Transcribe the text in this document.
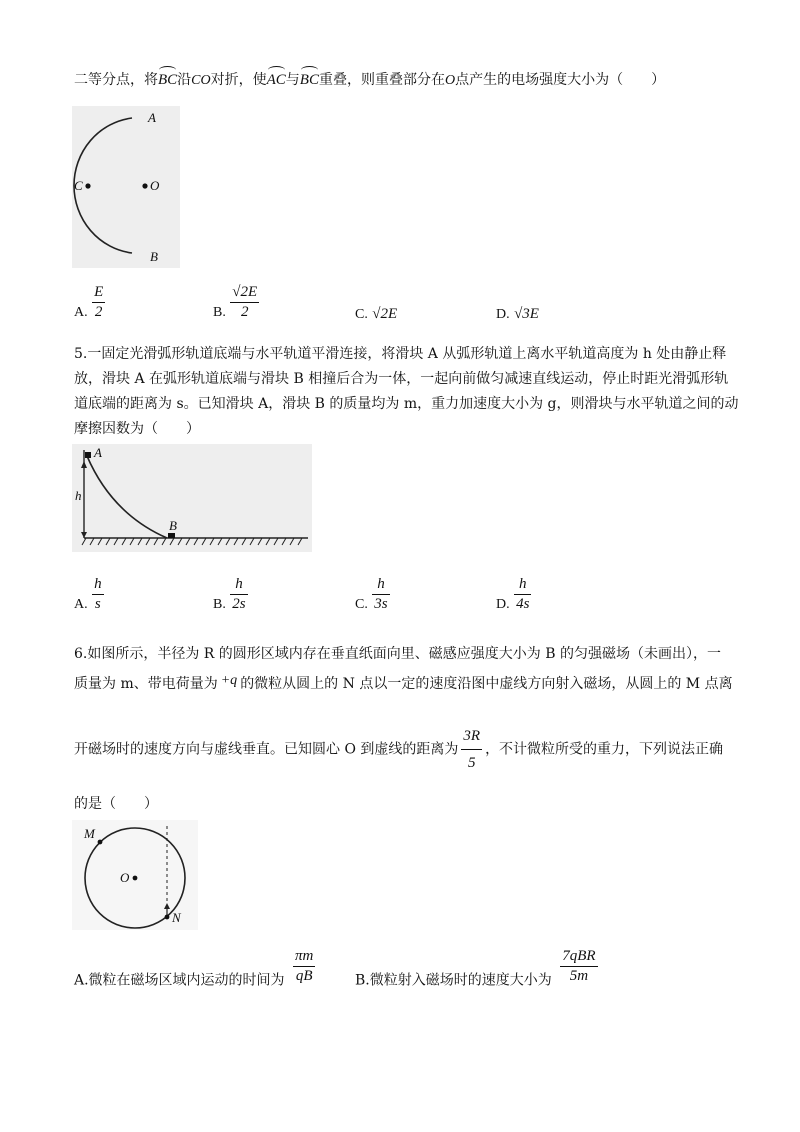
二等分点，将BC沿CO对折，使AC与BC重叠，则重叠部分在O点产生的电场强度大小为（　　）
A
C	O
B
A. $\frac{E}{2}$	B. $\frac{√2E}{2}$	C. √2E	D. √3E
5.一固定光滑弧形轨道底端与水平轨道平滑连接，将滑块 A 从弧形轨道上离水平轨道高度为 h 处由静止释
放，滑块 A 在弧形轨道底端与滑块 B 相撞后合为一体，一起向前做匀减速直线运动，停止时距光滑弧形轨
道底端的距离为 s。已知滑块 A，滑块 B 的质量均为 m，重力加速度大小为 g，则滑块与水平轨道之间的动
摩擦因数为（　　）
A
h
B
A. $\frac{h}{s}$	B. $\frac{h}{2s}$	C. $\frac{h}{3s}$	D. $\frac{h}{4s}$
6.如图所示，半径为 R 的圆形区域内存在垂直纸面向里、磁感应强度大小为 B 的匀强磁场（未画出），一
质量为 m、带电荷量为 +q 的微粒从圆上的 N 点以一定的速度沿图中虚线方向射入磁场，从圆上的 M 点离
开磁场时的速度方向与虚线垂直。已知圆心 O 到虚线的距离为 $\frac{3R}{5}$ ，不计微粒所受的重力，下列说法正确
的是（　　）
M
O
N
A.微粒在磁场区域内运动的时间为 $\frac{\pi m}{qB}$	B.微粒射入磁场时的速度大小为 $\frac{\text{7qBR}}{5m}$
